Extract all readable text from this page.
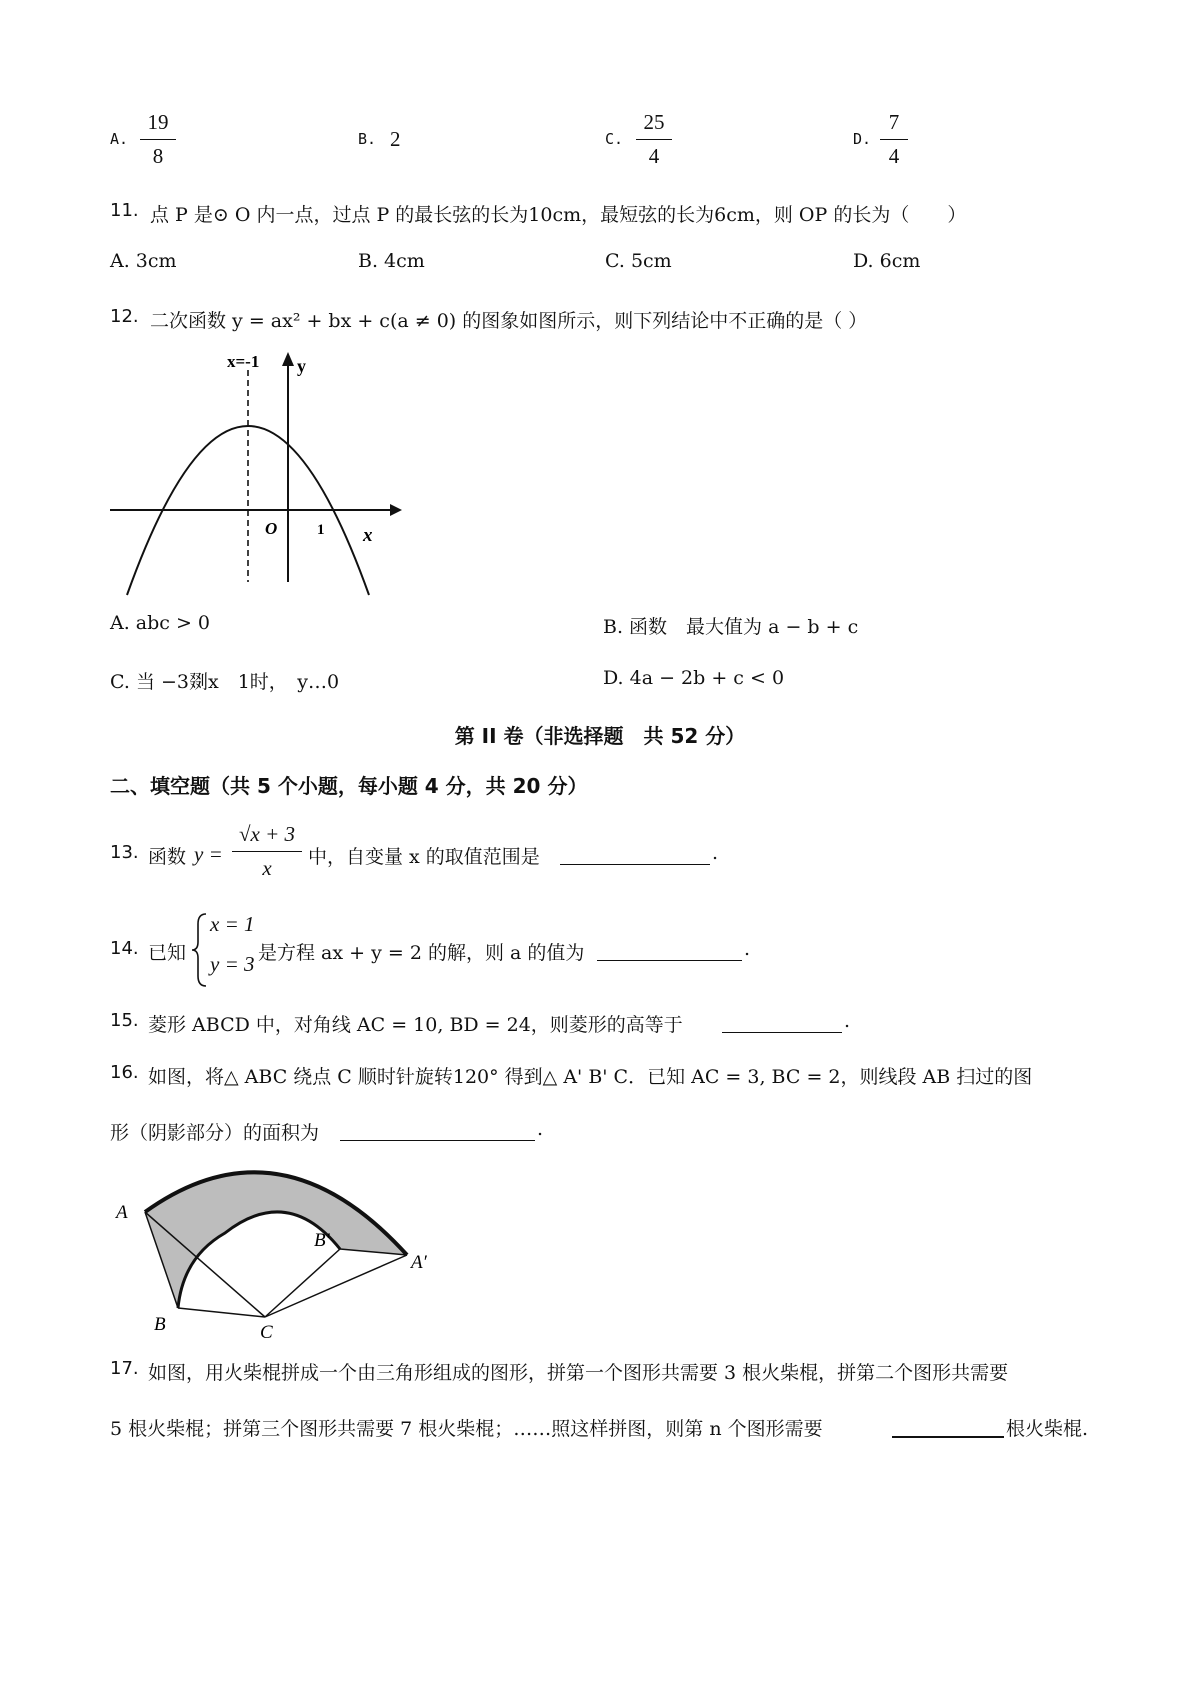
A.
19
8
B. 2	C.
25
4
D.
7
4
11. 点 P 是⊙ O 内一点，过点 P 的最长弦的长为10cm，最短弦的长为6cm，则 OP 的长为（　　）
A. 3cm	B. 4cm	C. 5cm	D. 6cm
12. 二次函数 y = ax² + bx + c(a ≠ 0) 的图象如图所示，则下列结论中不正确的是（ ）
x=-1 y
O	1 x
A. abc > 0	B. 函数　最大值为 a − b + c
C. 当 −3剟x　1时，　y…0	D. 4a − 2b + c < 0
第 II 卷（非选择题　共 52 分）
二、填空题（共 5 个小题，每小题 4 分，共 20 分）
13. 函数 y =
√x + 3
x	中，自变量 x 的取值范围是	.
14. 已知
x = 1
y = 3 是方程 ax + y = 2 的解，则 a 的值为	.
15. 菱形 ABCD 中，对角线 AC = 10, BD = 24，则菱形的高等于	.
16. 如图，将△ ABC 绕点 C 顺时针旋转120° 得到△ A' B' C．已知 AC = 3, BC = 2，则线段 AB 扫过的图
形（阴影部分）的面积为	.
A
B	C
A′
B′
17. 如图，用火柴棍拼成一个由三角形组成的图形，拼第一个图形共需要 3 根火柴棍，拼第二个图形共需要
5 根火柴棍；拼第三个图形共需要 7 根火柴棍；……照这样拼图，则第 n 个图形需要	根火柴棍.
